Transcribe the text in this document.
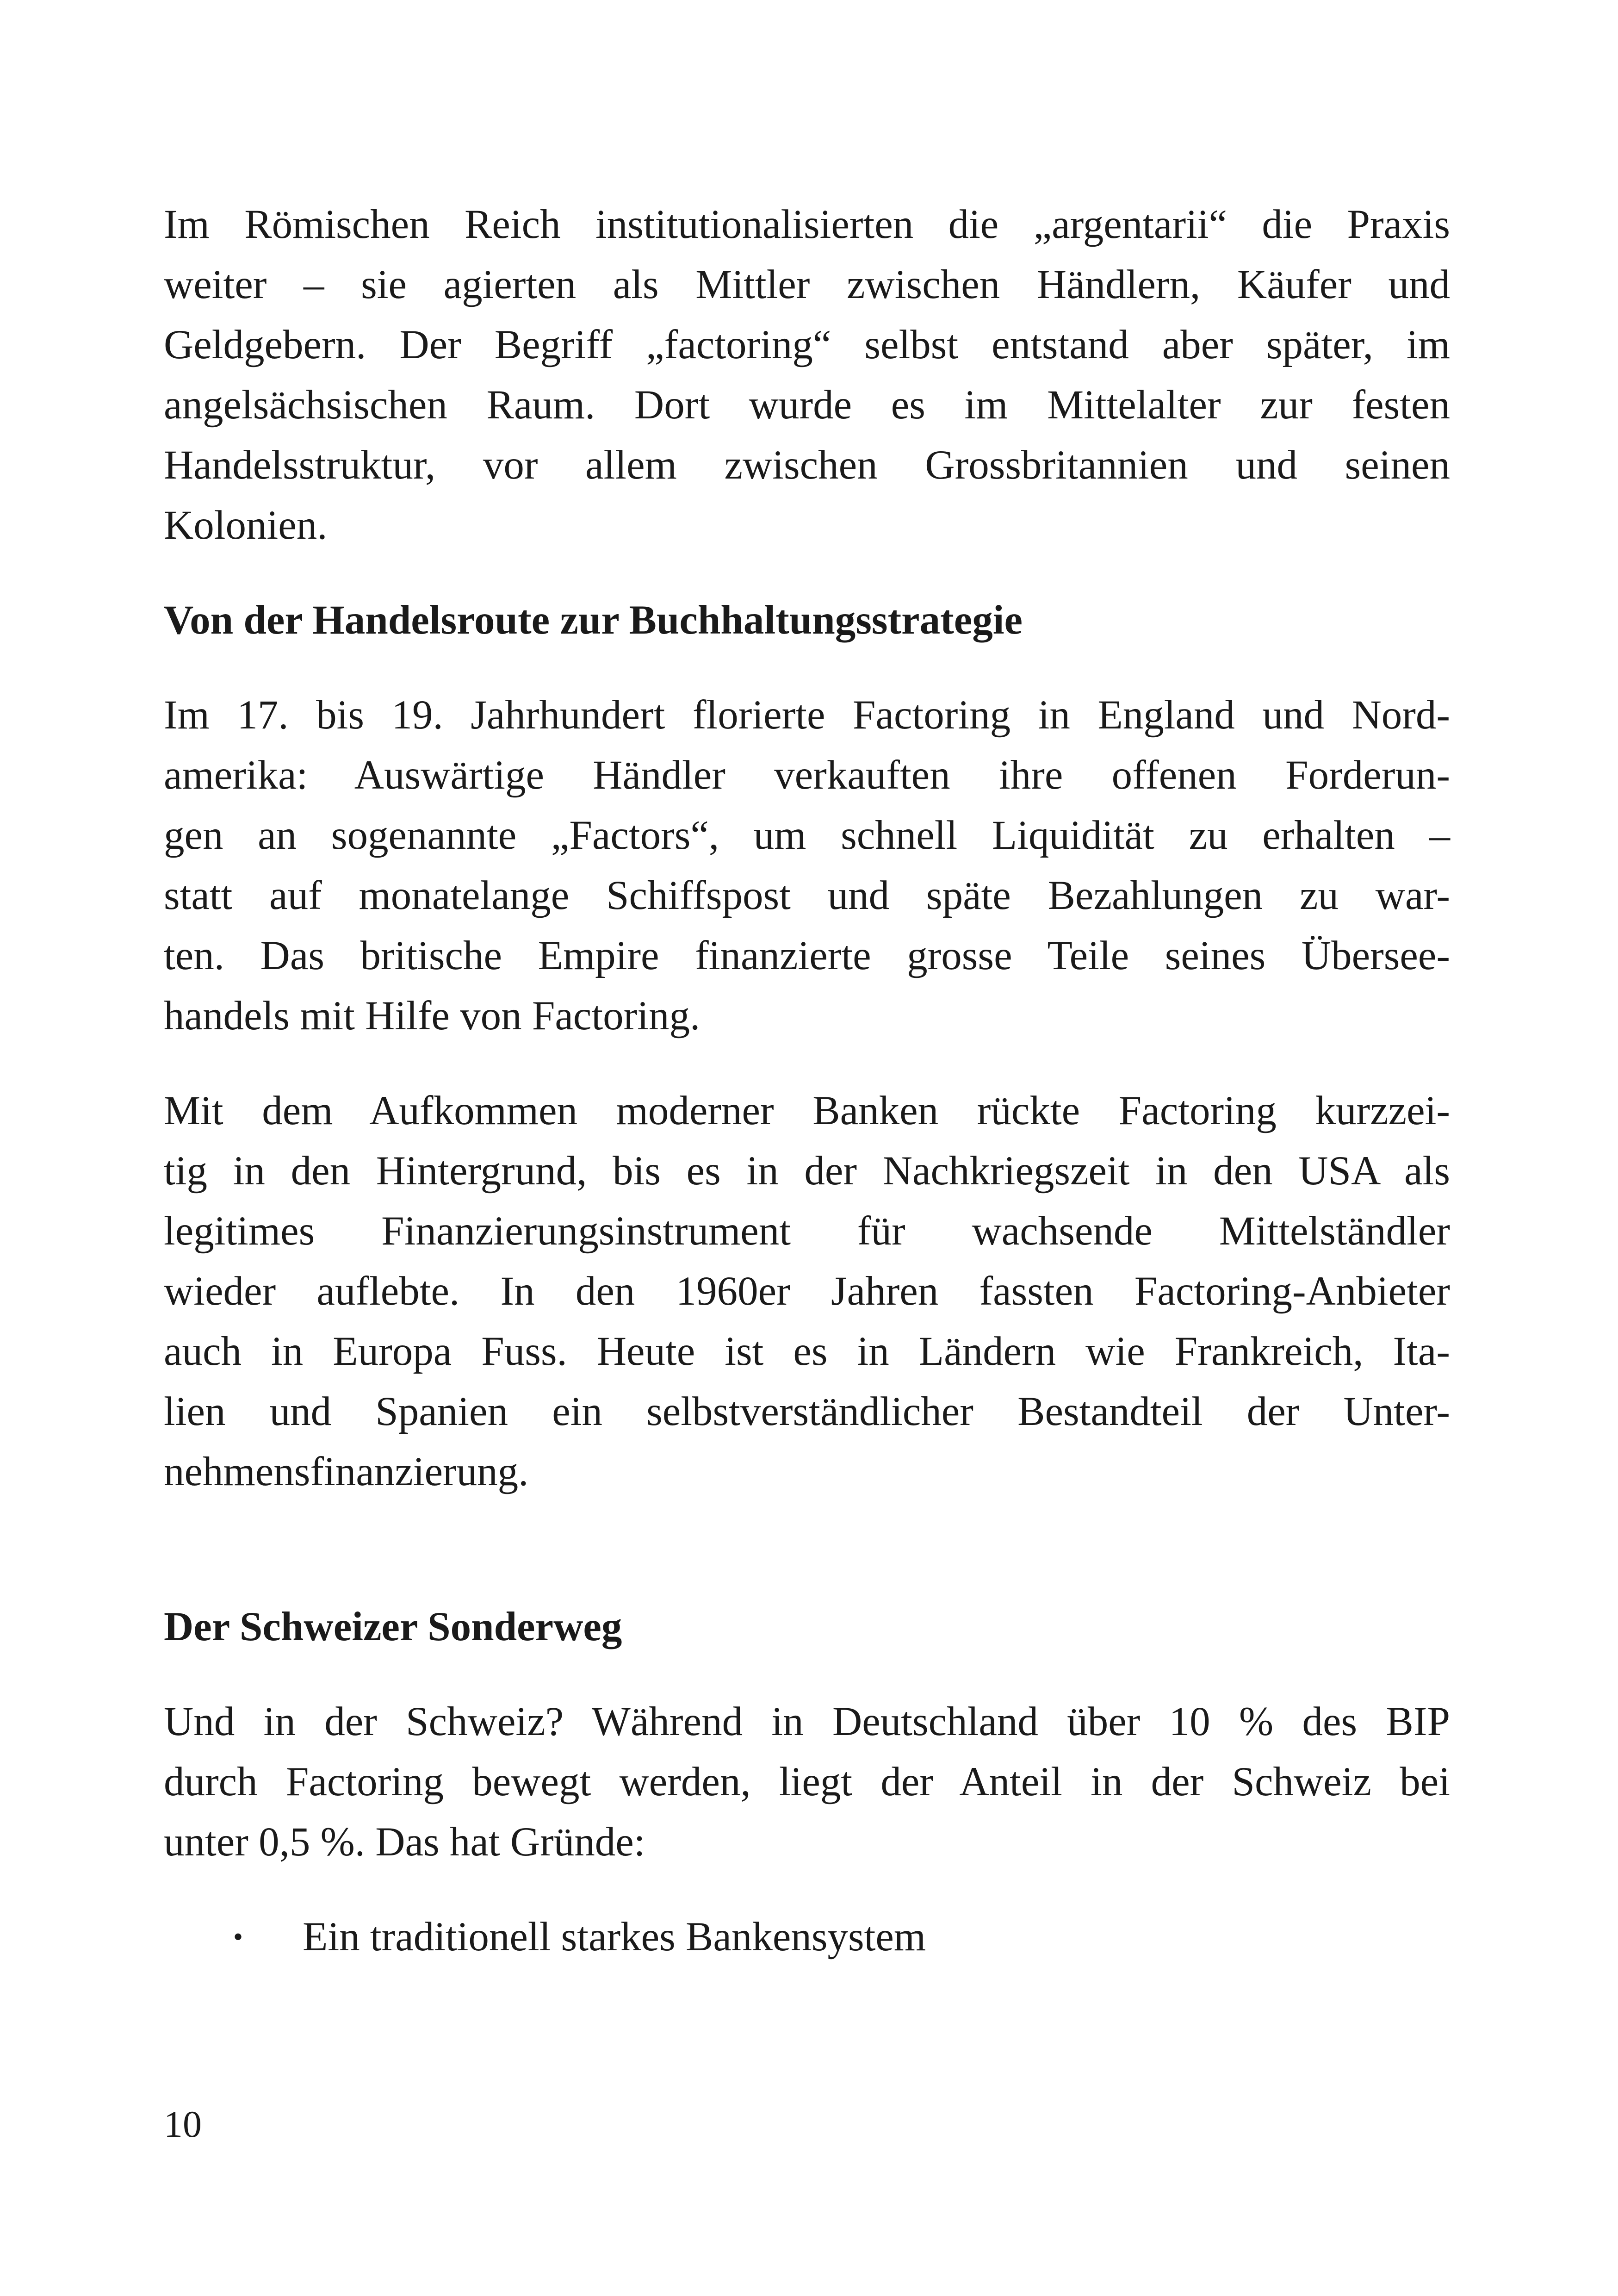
Im Römischen Reich institutionalisierten die „argentarii“ die Praxis
weiter – sie agierten als Mittler zwischen Händlern, Käufer und
Geldgebern. Der Begriff „factoring“ selbst entstand aber später, im
angelsächsischen Raum. Dort wurde es im Mittelalter zur festen
Handelsstruktur, vor allem zwischen Grossbritannien und seinen
Kolonien.

Von der Handelsroute zur Buchhaltungsstrategie

Im 17. bis 19. Jahrhundert florierte Factoring in England und Nord-
amerika: Auswärtige Händler verkauften ihre offenen Forderun-
gen an sogenannte „Factors“, um schnell Liquidität zu erhalten –
statt auf monatelange Schiffspost und späte Bezahlungen zu war-
ten. Das britische Empire finanzierte grosse Teile seines Übersee-
handels mit Hilfe von Factoring.

Mit dem Aufkommen moderner Banken rückte Factoring kurzzei-
tig in den Hintergrund, bis es in der Nachkriegszeit in den USA als
legitimes Finanzierungsinstrument für wachsende Mittelständler
wieder auflebte. In den 1960er Jahren fassten Factoring-Anbieter
auch in Europa Fuss. Heute ist es in Ländern wie Frankreich, Ita-
lien und Spanien ein selbstverständlicher Bestandteil der Unter-
nehmensfinanzierung.

Der Schweizer Sonderweg

Und in der Schweiz? Während in Deutschland über 10 % des BIP
durch Factoring bewegt werden, liegt der Anteil in der Schweiz bei
unter 0,5 %. Das hat Gründe:

• Ein traditionell starkes Bankensystem
10
